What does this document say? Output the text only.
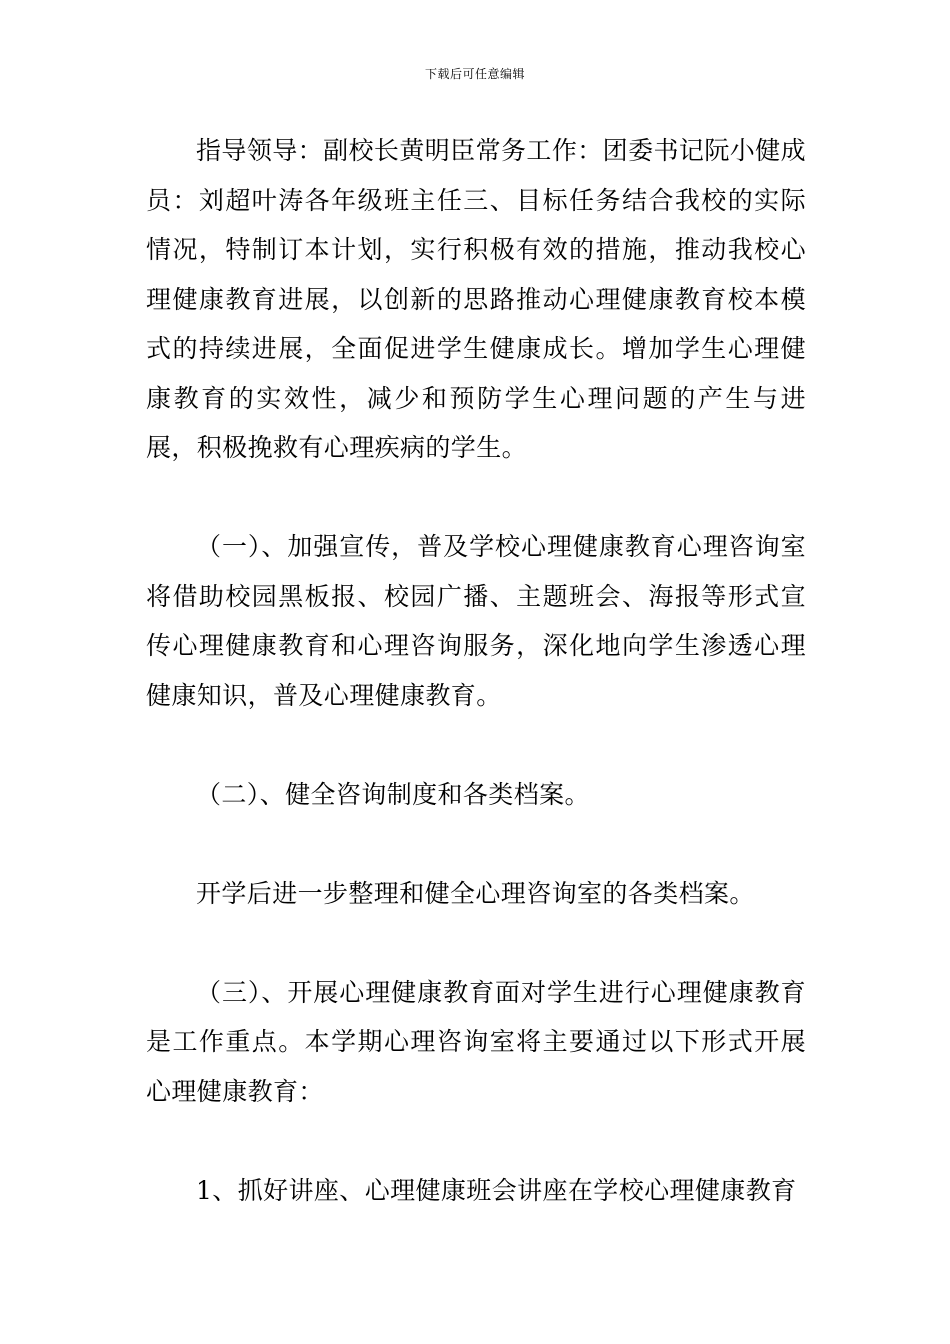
下载后可任意编辑

指导领导：副校长黄明臣常务工作：团委书记阮小健成员：刘超叶涛各年级班主任三、目标任务结合我校的实际情况，特制订本计划，实行积极有效的措施，推动我校心理健康教育进展，以创新的思路推动心理健康教育校本模式的持续进展，全面促进学生健康成长。增加学生心理健康教育的实效性，减少和预防学生心理问题的产生与进展，积极挽救有心理疾病的学生。

（一）、加强宣传，普及学校心理健康教育心理咨询室将借助校园黑板报、校园广播、主题班会、海报等形式宣传心理健康教育和心理咨询服务，深化地向学生渗透心理健康知识，普及心理健康教育。

（二）、健全咨询制度和各类档案。

开学后进一步整理和健全心理咨询室的各类档案。

（三）、开展心理健康教育面对学生进行心理健康教育是工作重点。本学期心理咨询室将主要通过以下形式开展心理健康教育：

1、抓好讲座、心理健康班会讲座在学校心理健康教育
